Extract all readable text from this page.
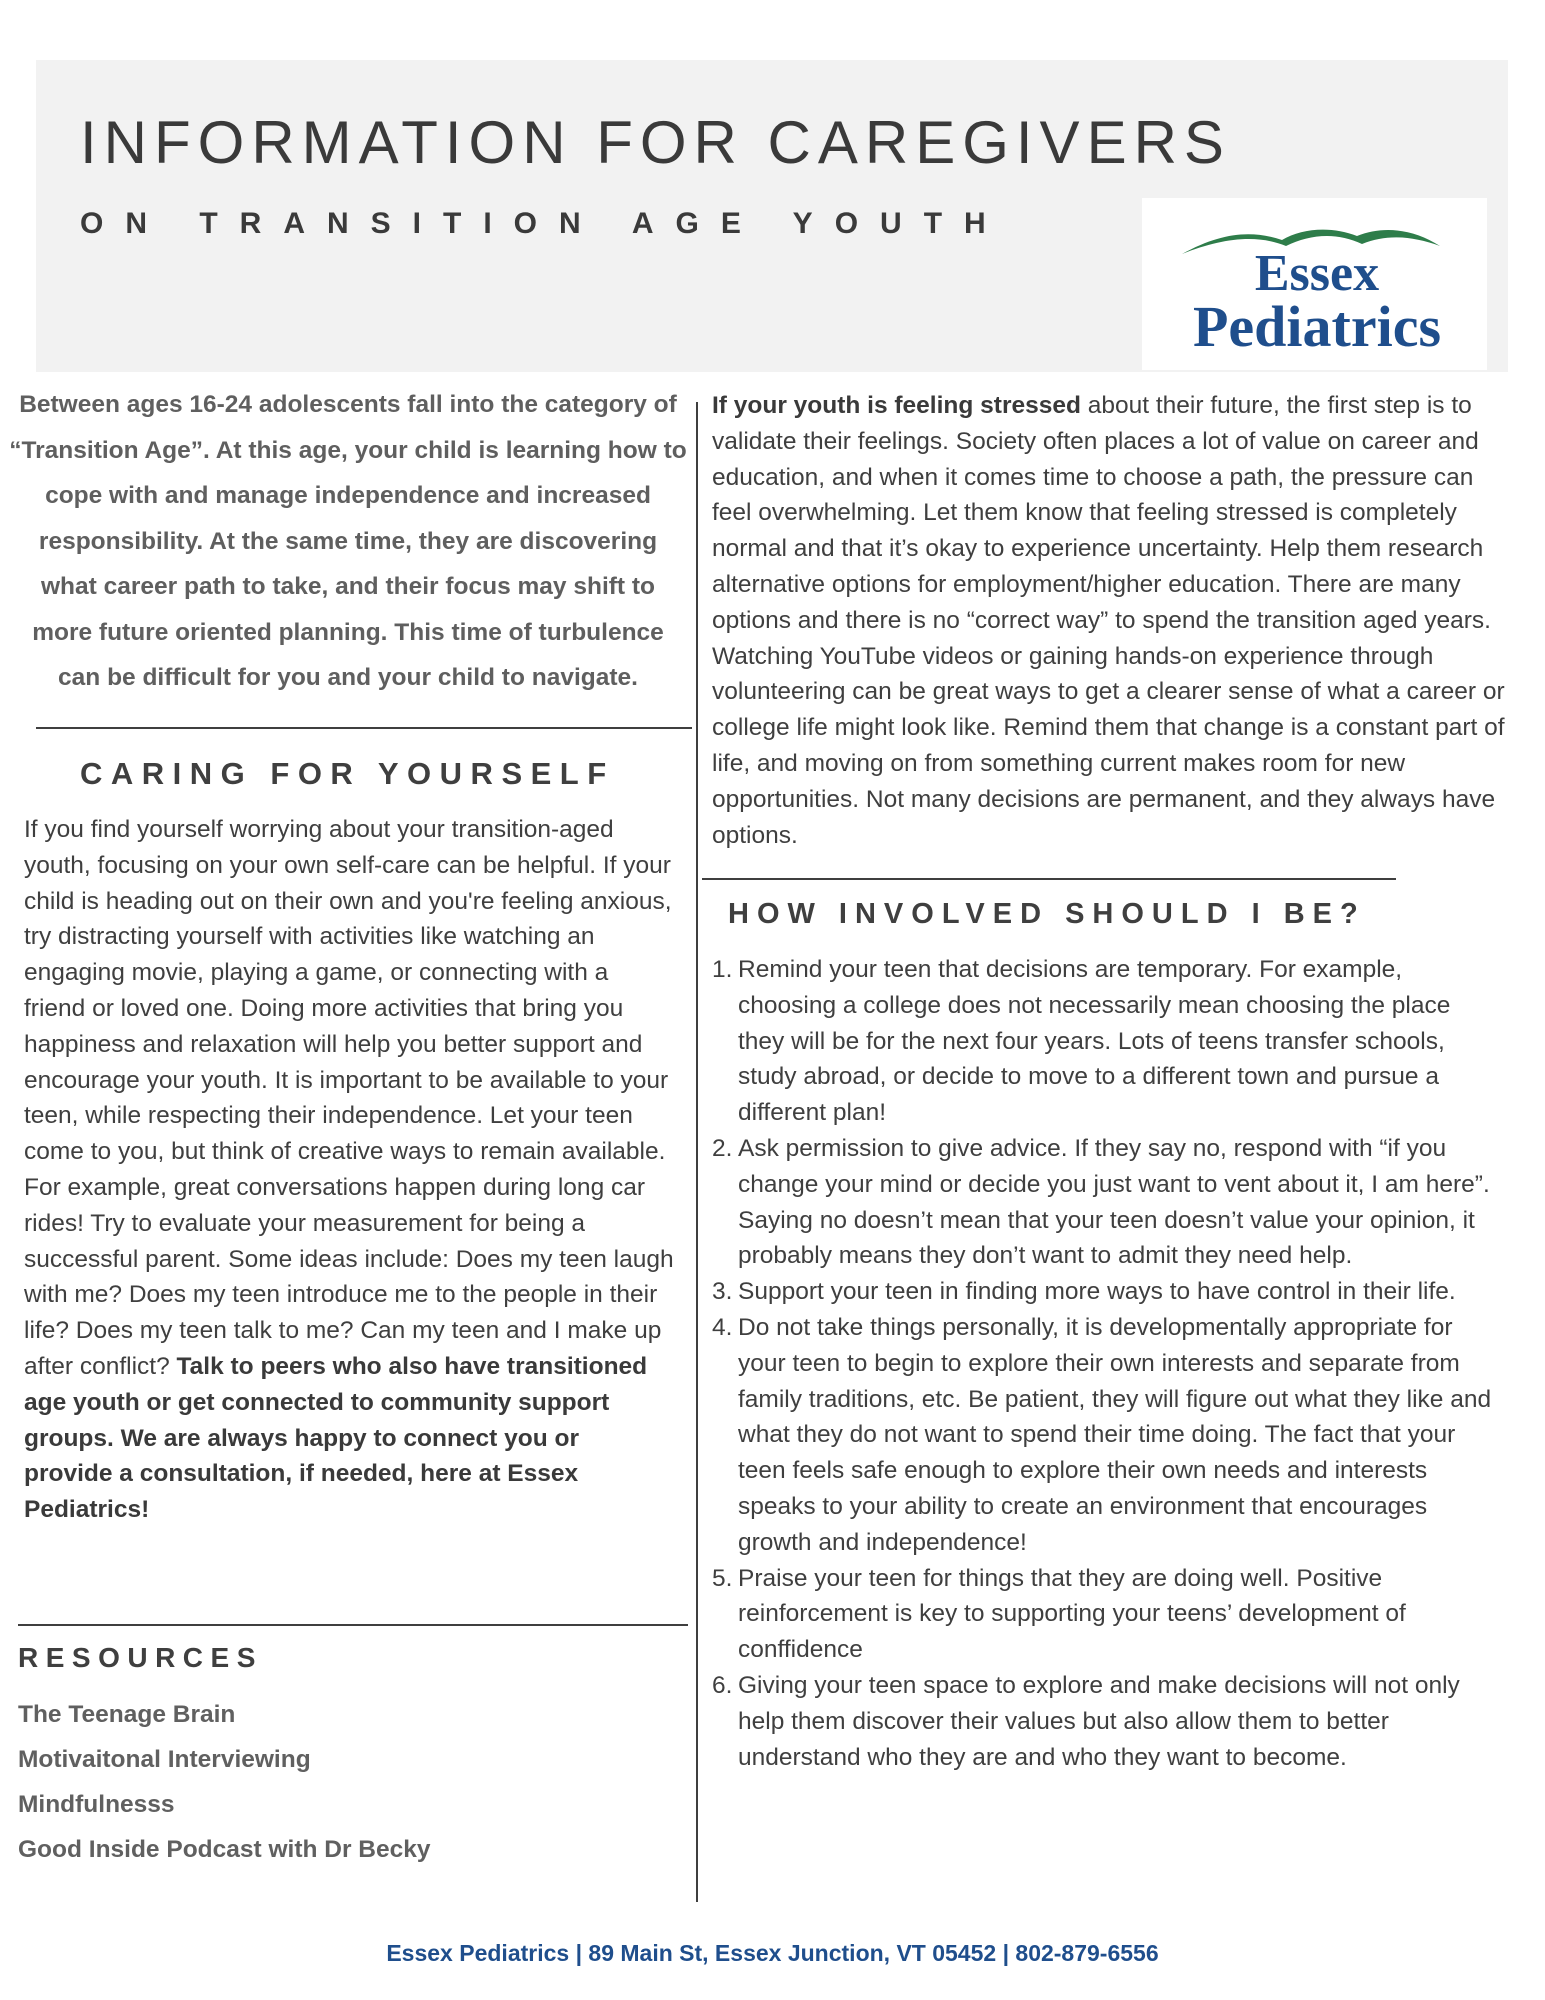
INFORMATION FOR CAREGIVERS
ON TRANSITION AGE YOUTH
Essex
Pediatrics

Between ages 16-24 adolescents fall into the category of “Transition Age”. At this age, your child is learning how to cope with and manage independence and increased responsibility. At the same time, they are discovering what career path to take, and their focus may shift to more future oriented planning. This time of turbulence can be difficult for you and your child to navigate.

CARING FOR YOURSELF

If you find yourself worrying about your transition-aged youth, focusing on your own self-care can be helpful. If your child is heading out on their own and you're feeling anxious, try distracting yourself with activities like watching an engaging movie, playing a game, or connecting with a friend or loved one. Doing more activities that bring you happiness and relaxation will help you better support and encourage your youth. It is important to be available to your teen, while respecting their independence. Let your teen come to you, but think of creative ways to remain available. For example, great conversations happen during long car rides! Try to evaluate your measurement for being a successful parent. Some ideas include: Does my teen laugh with me? Does my teen introduce me to the people in their life? Does my teen talk to me? Can my teen and I make up after conflict? Talk to peers who also have transitioned age youth or get connected to community support groups. We are always happy to connect you or provide a consultation, if needed, here at Essex Pediatrics!

RESOURCES
The Teenage Brain
Motivaitonal Interviewing
Mindfulnesss
Good Inside Podcast with Dr Becky

If your youth is feeling stressed about their future, the first step is to validate their feelings. Society often places a lot of value on career and education, and when it comes time to choose a path, the pressure can feel overwhelming. Let them know that feeling stressed is completely normal and that it’s okay to experience uncertainty. Help them research alternative options for employment/higher education. There are many options and there is no “correct way” to spend the transition aged years. Watching YouTube videos or gaining hands-on experience through volunteering can be great ways to get a clearer sense of what a career or college life might look like. Remind them that change is a constant part of life, and moving on from something current makes room for new opportunities. Not many decisions are permanent, and they always have options.

HOW INVOLVED SHOULD I BE?
1. Remind your teen that decisions are temporary. For example, choosing a college does not necessarily mean choosing the place they will be for the next four years. Lots of teens transfer schools, study abroad, or decide to move to a different town and pursue a different plan!
2. Ask permission to give advice. If they say no, respond with “if you change your mind or decide you just want to vent about it, I am here”. Saying no doesn’t mean that your teen doesn’t value your opinion, it probably means they don’t want to admit they need help.
3. Support your teen in finding more ways to have control in their life.
4. Do not take things personally, it is developmentally appropriate for your teen to begin to explore their own interests and separate from family traditions, etc. Be patient, they will figure out what they like and what they do not want to spend their time doing. The fact that your teen feels safe enough to explore their own needs and interests speaks to your ability to create an environment that encourages growth and independence!
5. Praise your teen for things that they are doing well. Positive reinforcement is key to supporting your teens’ development of conffidence
6. Giving your teen space to explore and make decisions will not only help them discover their values but also allow them to better understand who they are and who they want to become.
Essex Pediatrics | 89 Main St, Essex Junction, VT 05452 | 802-879-6556
